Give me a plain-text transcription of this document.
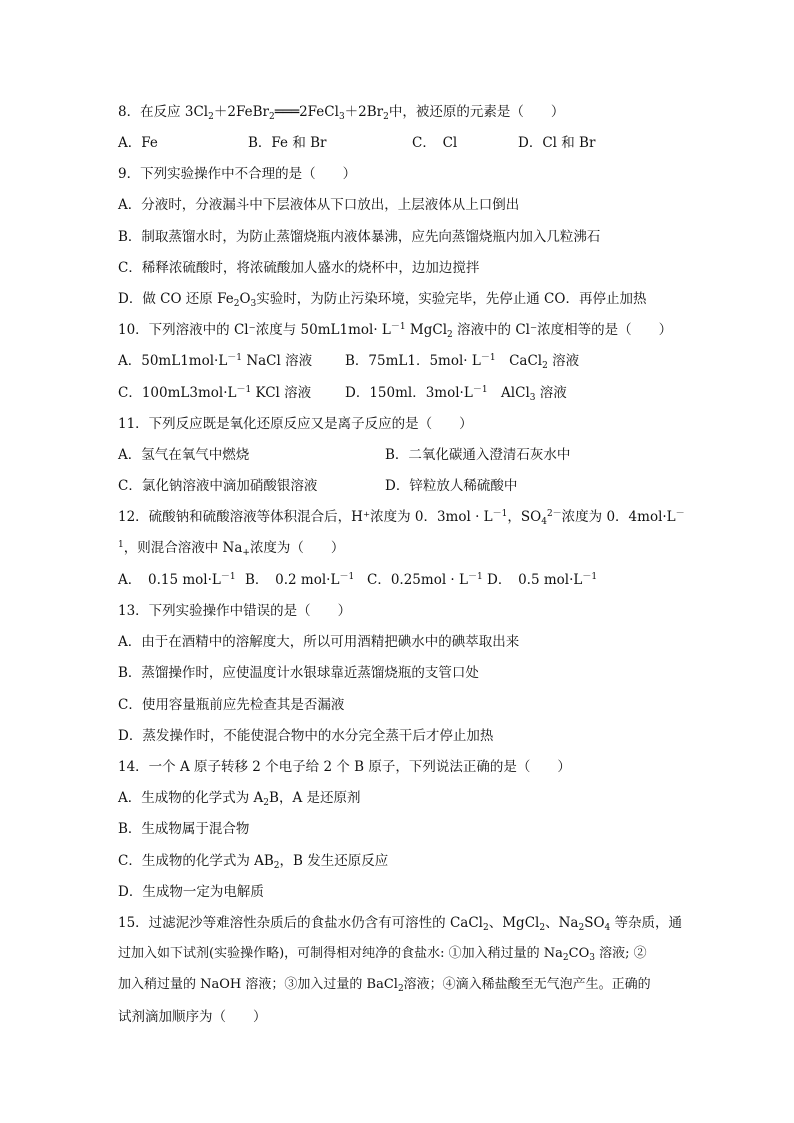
8．在反应 $3Cl_2+2FeBr_2═══2FeCl_3+2Br_2$中，被还原的元素是（　　）
A．Fe	B．Fe 和 Br	C．　Cl	D．Cl 和 Br
9．下列实验操作中不合理的是（　　）
A．分液时，分液漏斗中下层液体从下口放出，上层液体从上口倒出
B．制取蒸馏水时，为防止蒸馏烧瓶内液体暴沸，应先向蒸馏烧瓶内加入几粒沸石
C．稀释浓硫酸时，将浓硫酸加人盛水的烧杯中，边加边搅拌
D．做 CO 还原 $Fe_2O_3$实验时，为防止污染环境，实验完毕，先停止通 CO．再停止加热
10．下列溶液中的 Cl⁻浓度与 $50mL1mol\cdot L^{-1}$ MgCl$_2$ 溶液中的 Cl⁻浓度相等的是（　　）
A．$50mL1mol\cdot L^{-1}$ NaCl 溶液 B．75mL1．$5mol\cdot L^{-1}$　CaCl$_2$ 溶液
C．$100mL3mol\cdot L^{-1}$ KCl 溶液	D．150ml．$3mol\cdot L^{-1}$　AlCl$_3$ 溶液
11．下列反应既是氧化还原反应又是离子反应的是（　　）
A．氢气在氧气中燃烧	B．二氧化碳通入澄清石灰水中
C．氯化钠溶液中滴加硝酸银溶液	D．锌粒放人稀硫酸中
12．硫酸钠和硫酸溶液等体积混合后，H⁺浓度为 0．$3mol \cdot L^{-1}$，$SO_4^{2-}$浓度为 0．4mol·L－
$^1$，则混合溶液中 $Na_+$浓度为（　　）
A．　0.15 $mol\cdot L^{-1}$ B．　0.2 $mol\cdot L^{-1}$ C．$0.25mol \cdot L^{-1}$ D．　0.5 $mol\cdot L^{-1}$
13．下列实验操作中错误的是（　　）
A．由于在酒精中的溶解度大，所以可用酒精把碘水中的碘萃取出来
B．蒸馏操作时，应使温度计水银球靠近蒸馏烧瓶的支管口处
C．使用容量瓶前应先检查其是否漏液
D．蒸发操作时，不能使混合物中的水分完全蒸干后才停止加热
14．一个 A 原子转移 2 个电子给 2 个 B 原子，下列说法正确的是（　　）
A．生成物的化学式为 $A_2B$，A 是还原剂
B．生成物属于混合物
C．生成物的化学式为 $AB_2$，B 发生还原反应
D．生成物一定为电解质
15．过滤泥沙等难溶性杂质后的食盐水仍含有可溶性的 CaCl$_2$、MgCl$_2$、$Na_2SO_4$ 等杂质，通
过加入如下试剂(实验操作略)，可制得相对纯净的食盐水: ①加入稍过量的 $Na_2CO_3$ 溶液; ②
加入稍过量的 NaOH 溶液；③加入过量的 BaCl$_2$溶液；④滴入稀盐酸至无气泡产生。正确的
试剂滴加顺序为（　　）
